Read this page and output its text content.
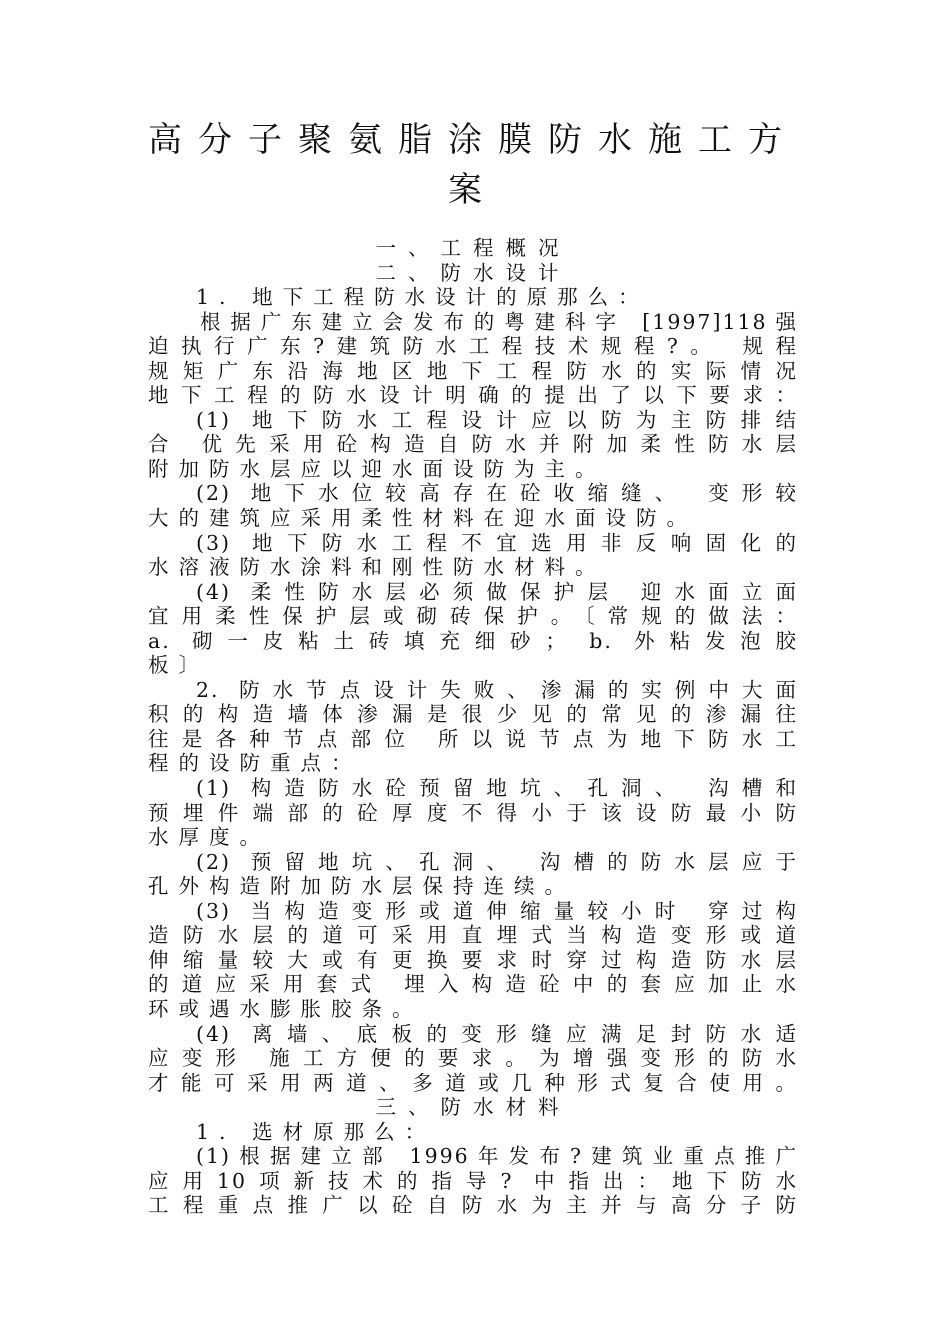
高分子聚氨脂涂膜防水施工方
案
一、工程概况
二、防水设计
1. 地下工程防水设计的原那么：
根据广东建立会发布的粤建科字 [1997]118强
迫执行广东?建筑防水工程技术规程?。 规程
规矩广东沿海地区地下工程防水的实际情况
地下工程的防水设计明确的提出了以下要求：
(1) 地下防水工程设计应以防为主防排结
合 优先采用砼构造自防水并附加柔性防水层
附加防水层应以迎水面设防为主。
(2) 地下水位较高存在砼收缩缝、 变形较
大的建筑应采用柔性材料在迎水面设防。
(3) 地下防水工程不宜选用非反响固化的
水溶液防水涂料和刚性防水材料。
(4) 柔性防水层必须做保护层 迎水面立面
宜用柔性保护层或砌砖保护。〔常规的做法：
a. 砌一皮粘土砖填充细砂； b. 外粘发泡胶
板〕
2. 防水节点设计失败、渗漏的实例中大面
积的构造墙体渗漏是很少见的常见的渗漏往
往是各种节点部位 所以说节点为地下防水工
程的设防重点：
(1) 构造防水砼预留地坑、孔洞、 沟槽和
预埋件端部的砼厚度不得小于该设防最小防
水厚度。
(2) 预留地坑、孔洞、 沟槽的防水层应于
孔外构造附加防水层保持连续。
(3) 当构造变形或道伸缩量较小时 穿过构
造防水层的道可采用直埋式当构造变形或道
伸缩量较大或有更换要求时穿过构造防水层
的道应采用套式 埋入构造砼中的套应加止水
环或遇水膨胀胶条。
(4) 离墙、底板的变形缝应满足封防水适
应变形 施工方便的要求。为增强变形的防水
才能可采用两道、多道或几种形式复合使用。
三、防水材料
1. 选材原那么：
(1)根据建立部 1996年发布?建筑业重点推广
应用10项新技术的指导? 中指出：地下防水
工程重点推广以砼自防水为主并与高分子防
